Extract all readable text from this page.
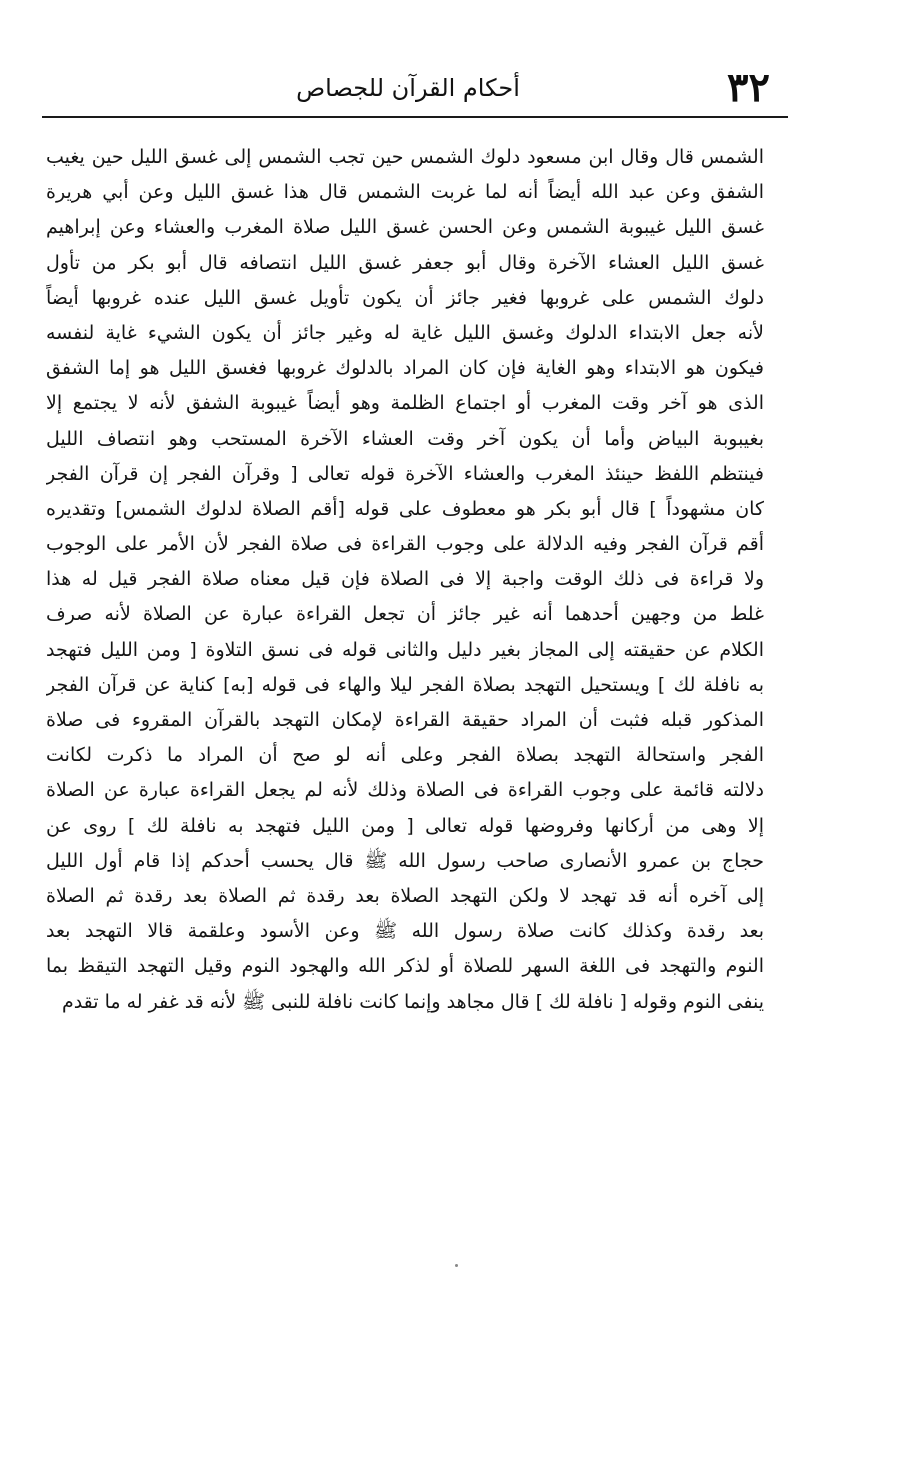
٣٢
أحكام القرآن للجصاص
الشمس قال وقال ابن مسعود دلوك الشمس حين تجب الشمس إلى غسق الليل حين يغيب
الشفق وعن عبد الله أيضاً أنه لما غربت الشمس قال هذا غسق الليل وعن أبي هريرة
غسق الليل غيبوبة الشمس وعن الحسن غسق الليل صلاة المغرب والعشاء وعن إبراهيم
غسق الليل العشاء الآخرة وقال أبو جعفر غسق الليل انتصافه قال أبو بكر من تأول
دلوك الشمس على غروبها فغير جائز أن يكون تأويل غسق الليل عنده غروبها أيضاً
لأنه جعل الابتداء الدلوك وغسق الليل غاية له وغير جائز أن يكون الشيء غاية لنفسه
فيكون هو الابتداء وهو الغاية فإن كان المراد بالدلوك غروبها فغسق الليل هو إما الشفق
الذى هو آخر وقت المغرب أو اجتماع الظلمة وهو أيضاً غيبوبة الشفق لأنه لا يجتمع إلا
بغيبوبة البياض وأما أن يكون آخر وقت العشاء الآخرة المستحب وهو انتصاف الليل
فينتظم اللفظ حينئذ المغرب والعشاء الآخرة قوله تعالى [ وقرآن الفجر إن قرآن الفجر
كان مشهوداً ] قال أبو بكر هو معطوف على قوله [أقم الصلاة لدلوك الشمس] وتقديره
أقم قرآن الفجر وفيه الدلالة على وجوب القراءة فى صلاة الفجر لأن الأمر على الوجوب
ولا قراءة فى ذلك الوقت واجبة إلا فى الصلاة فإن قيل معناه صلاة الفجر قيل له هذا
غلط من وجهين أحدهما أنه غير جائز أن تجعل القراءة عبارة عن الصلاة لأنه صرف
الكلام عن حقيقته إلى المجاز بغير دليل والثانى قوله فى نسق التلاوة [ ومن الليل فتهجد
به نافلة لك ] ويستحيل التهجد بصلاة الفجر ليلا والهاء فى قوله [به] كناية عن قرآن الفجر
المذكور قبله فثبت أن المراد حقيقة القراءة لإمكان التهجد بالقرآن المقروء فى صلاة
الفجر واستحالة التهجد بصلاة الفجر وعلى أنه لو صح أن المراد ما ذكرت لكانت
دلالته قائمة على وجوب القراءة فى الصلاة وذلك لأنه لم يجعل القراءة عبارة عن الصلاة
إلا وهى من أركانها وفروضها قوله تعالى [ ومن الليل فتهجد به نافلة لك ] روى عن
حجاج بن عمرو الأنصارى صاحب رسول الله ﷺ قال يحسب أحدكم إذا قام أول الليل
إلى آخره أنه قد تهجد لا ولكن التهجد الصلاة بعد رقدة ثم الصلاة بعد رقدة ثم الصلاة
بعد رقدة وكذلك كانت صلاة رسول الله ﷺ وعن الأسود وعلقمة قالا التهجد بعد
النوم والتهجد فى اللغة السهر للصلاة أو لذكر الله والهجود النوم وقيل التهجد التيقظ بما
ينفى النوم وقوله [ نافلة لك ] قال مجاهد وإنما كانت نافلة للنبى ﷺ لأنه قد غفر له ما تقدم
